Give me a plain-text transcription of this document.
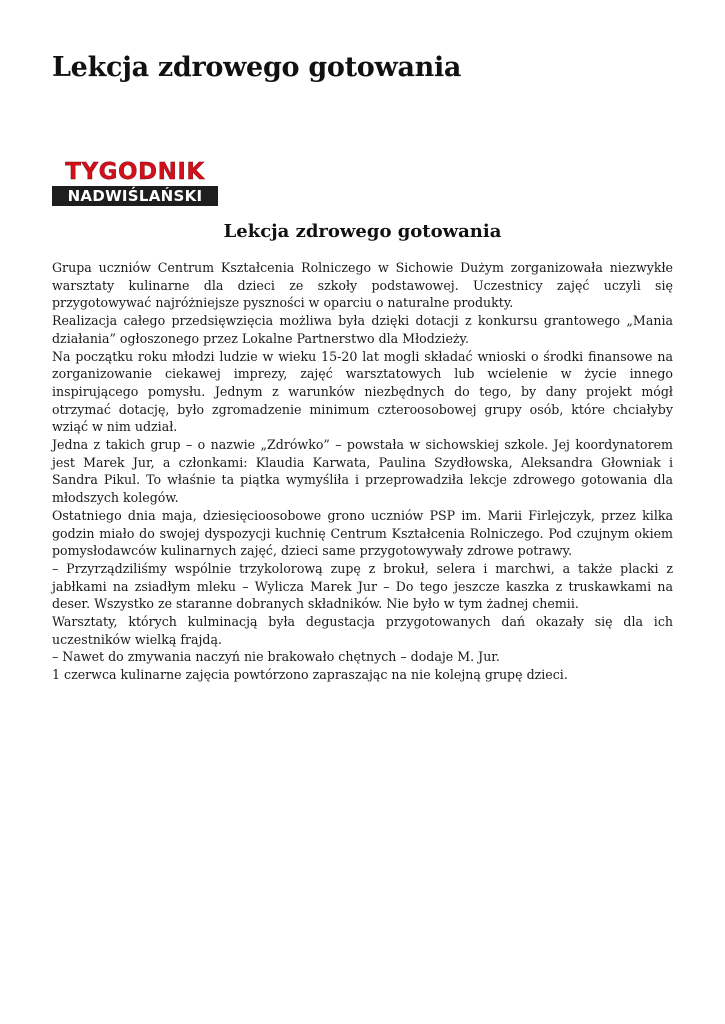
Lekcja zdrowego gotowania
TYGODNIK
NADWIŚLAŃSKI
Lekcja zdrowego gotowania

Grupa uczniów Centrum Kształcenia Rolniczego w Sichowie Dużym zorganizowała niezwykłe warsztaty kulinarne dla dzieci ze szkoły podstawowej. Uczestnicy zajęć uczyli się przygotowywać najróżniejsze pyszności w oparciu o naturalne produkty.

Realizacja całego przedsięwzięcia możliwa była dzięki dotacji z konkursu grantowego „Mania działania” ogłoszonego przez Lokalne Partnerstwo dla Młodzieży.

Na początku roku młodzi ludzie w wieku 15-20 lat mogli składać wnioski o środki finansowe na zorganizowanie ciekawej imprezy, zajęć warsztatowych lub wcielenie w życie innego inspirującego pomysłu. Jednym z warunków niezbędnych do tego, by dany projekt mógł otrzymać dotację, było zgromadzenie minimum czteroosobowej grupy osób, które chciałyby wziąć w nim udział.

Jedna z takich grup – o nazwie „Zdrówko” – powstała w sichowskiej szkole. Jej koordynatorem jest Marek Jur, a członkami: Klaudia Karwata, Paulina Szydłowska, Aleksandra Głowniak i Sandra Pikul. To właśnie ta piątka wymyśliła i przeprowadziła lekcje zdrowego gotowania dla młodszych kolegów.

Ostatniego dnia maja, dziesięcioosobowe grono uczniów PSP im. Marii Firlejczyk, przez kilka godzin miało do swojej dyspozycji kuchnię Centrum Kształcenia Rolniczego. Pod czujnym okiem pomysłodawców kulinarnych zajęć, dzieci same przygotowywały zdrowe potrawy.

– Przyrządziliśmy wspólnie trzykolorową zupę z brokuł, selera i marchwi, a także placki z jabłkami na zsiadłym mleku – Wylicza Marek Jur – Do tego jeszcze kaszka z truskawkami na deser. Wszystko ze staranne dobranych składników. Nie było w tym żadnej chemii.

Warsztaty, których kulminacją była degustacja przygotowanych dań okazały się dla ich uczestników wielką frajdą.

– Nawet do zmywania naczyń nie brakowało chętnych – dodaje M. Jur.

1 czerwca kulinarne zajęcia powtórzono zapraszając na nie kolejną grupę dzieci.
